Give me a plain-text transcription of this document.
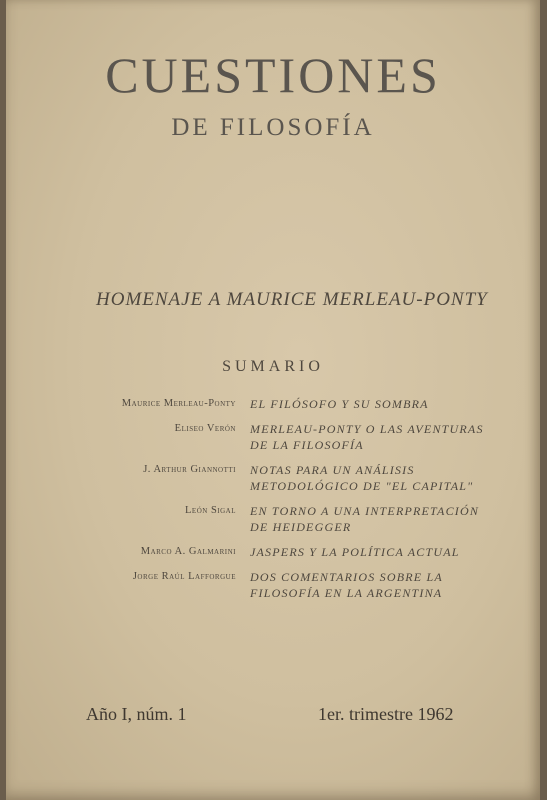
CUESTIONES
DE FILOSOFÍA
HOMENAJE A MAURICE MERLEAU-PONTY
SUMARIO
Maurice Merleau-Ponty	EL FILÓSOFO Y SU SOMBRA
Eliseo Verón	MERLEAU-PONTY O LAS AVENTURAS DE LA FILOSOFÍA
J. Arthur Giannotti	NOTAS PARA UN ANÁLISIS METODOLÓGICO DE "EL CAPITAL"
León Sigal	EN TORNO A UNA INTERPRETACIÓN DE HEIDEGGER
Marco A. Galmarini	JASPERS Y LA POLÍTICA ACTUAL
Jorge Raúl Lafforgue	DOS COMENTARIOS SOBRE LA FILOSOFÍA EN LA ARGENTINA
Año I, núm. 1	1er. trimestre 1962
